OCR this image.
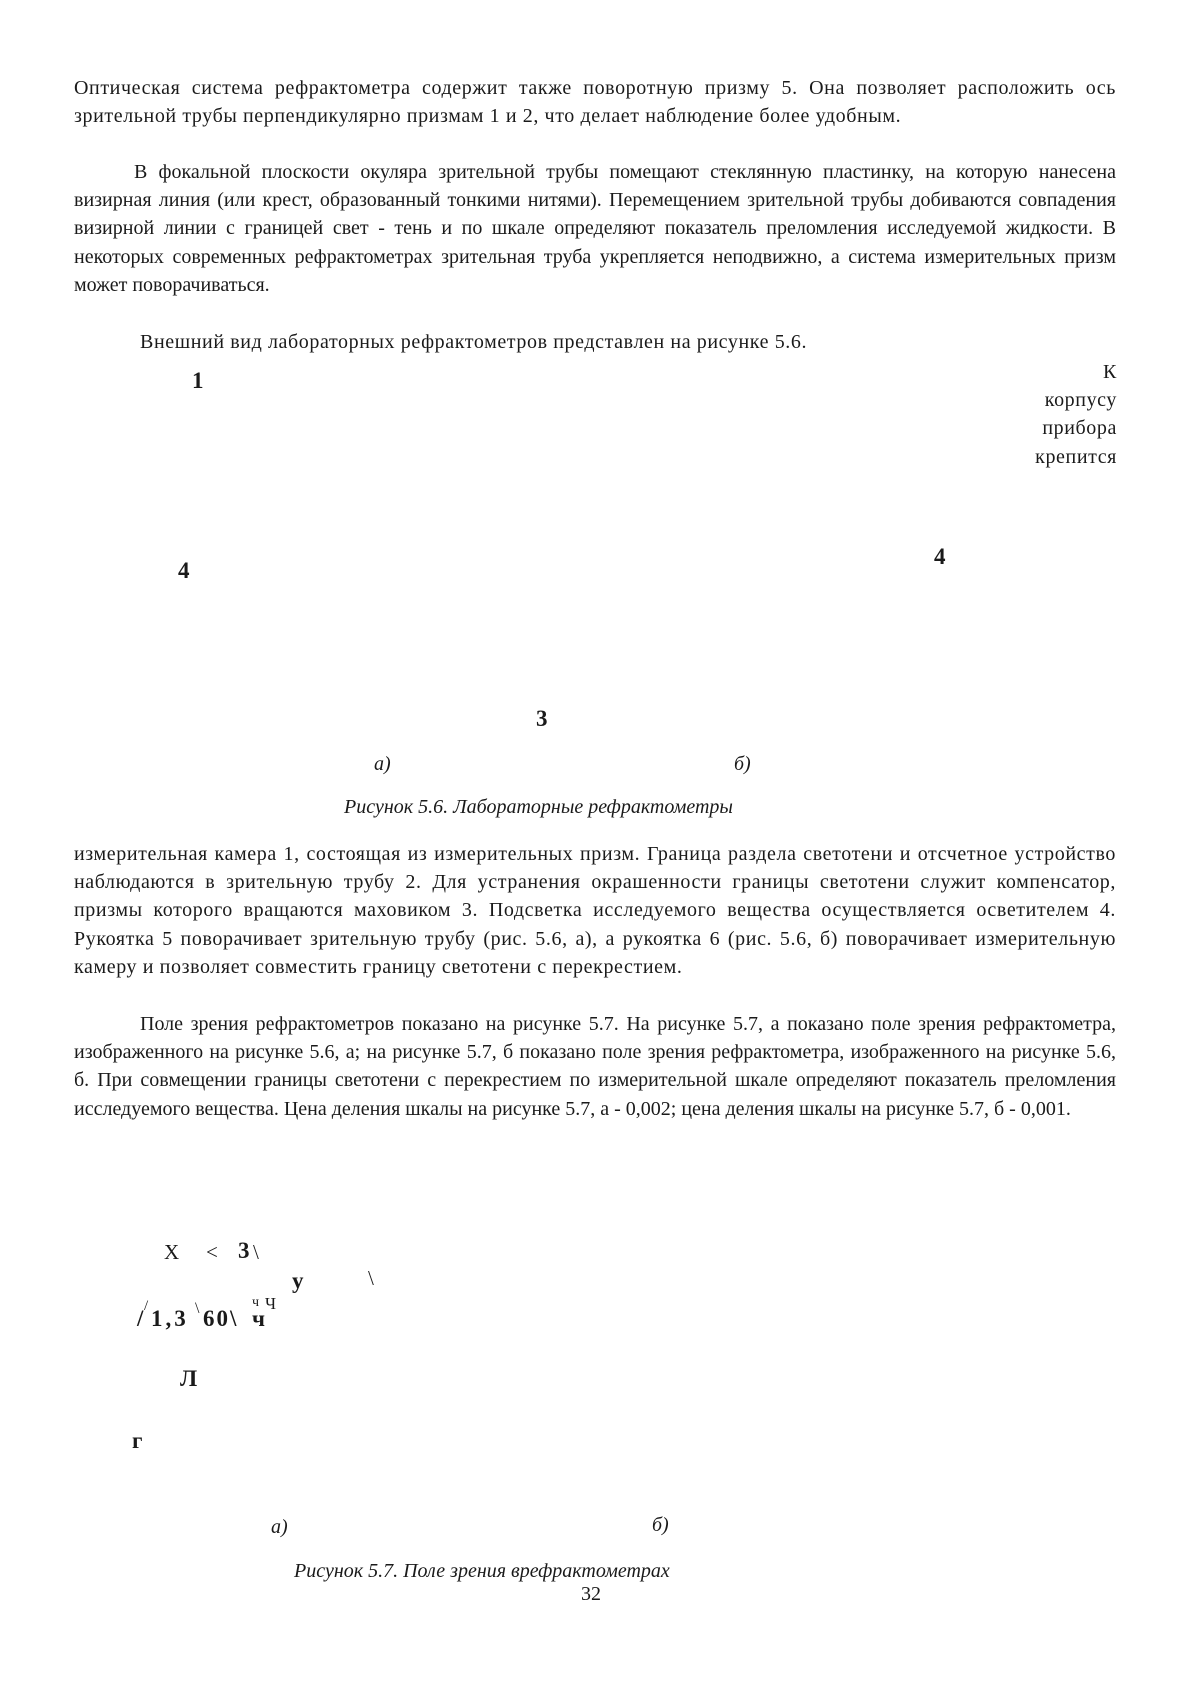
Оптическая система рефрактометра содержит также поворотную призму 5. Она позволяет расположить ось зрительной трубы перпендикулярно призмам 1 и 2, что делает наблюдение более удобным.

В фокальной плоскости окуляра зрительной трубы помещают стеклянную пластинку, на которую нанесена визирная линия (или крест, образованный тонкими нитями). Перемещением зрительной трубы добиваются совпадения визирной линии с границей свет - тень и по шкале определяют показатель преломления исследуемой жидкости. В некоторых современных рефрактометрах зрительная труба укрепляется неподвижно, а система измерительных призм может поворачиваться.

Внешний вид лабораторных рефрактометров представлен на рисунке 5.6.

1
4
4
3
К
корпусу
прибора
крепится
а)	б)
Рисунок 5.6. Лабораторные рефрактометры

измерительная камера 1, состоящая из измерительных призм. Граница раздела светотени и отсчетное устройство наблюдаются в зрительную трубу 2. Для устранения окрашенности границы светотени служит компенсатор, призмы которого вращаются маховиком 3. Подсветка исследуемого вещества осуществляется осветителем 4. Рукоятка 5 поворачивает зрительную трубу (рис. 5.6, а), а рукоятка 6 (рис. 5.6, б) поворачивает измерительную камеру и позволяет совместить границу светотени с перекрестием.

Поле зрения рефрактометров показано на рисунке 5.7. На рисунке 5.7, а показано поле зрения рефрактометра, изображенного на рисунке 5.6, а; на рисунке 5.7, б показано поле зрения рефрактометра, изображенного на рисунке 5.6, б. При совмещении границы светотени с перекрестием по измерительной шкале определяют показатель преломления исследуемого вещества. Цена деления шкалы на рисунке 5.7, а - 0,002; цена деления шкалы на рисунке 5.7, б - 0,001.

X < 3 \
у	\
/ / 1,3 \ 60\
ч
ч
Ч
Л
г
а)	б)
Рисунок 5.7. Поле зрения врефрактометрах
32
